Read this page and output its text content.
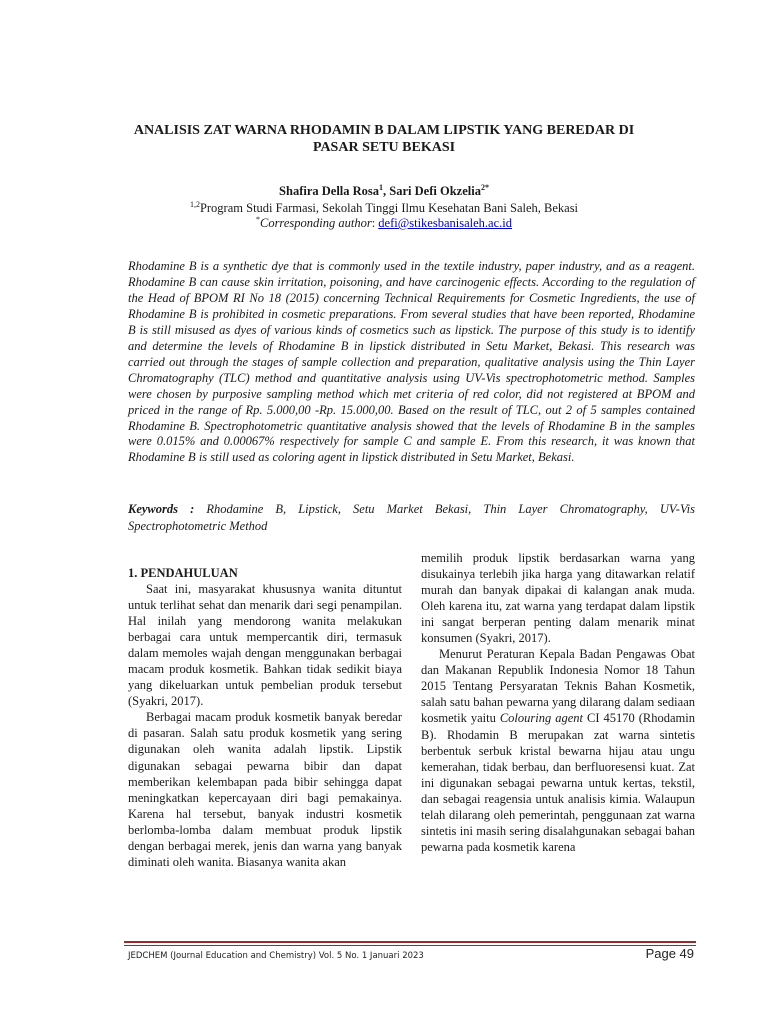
ANALISIS ZAT WARNA RHODAMIN B DALAM LIPSTIK YANG BEREDAR DI PASAR SETU BEKASI
Shafira Della Rosa$^1$, Sari Defi Okzelia$^{2*}$
$^{1,2}$Program Studi Farmasi, Sekolah Tinggi Ilmu Kesehatan Bani Saleh, Bekasi
*Corresponding author: defi@stikesbanisaleh.ac.id

Rhodamine B is a synthetic dye that is commonly used in the textile industry, paper industry, and as a reagent. Rhodamine B can cause skin irritation, poisoning, and have carcinogenic effects. According to the regulation of the Head of BPOM RI No 18 (2015) concerning Technical Requirements for Cosmetic Ingredients, the use of Rhodamine B is prohibited in cosmetic preparations. From several studies that have been reported, Rhodamine B is still misused as dyes of various kinds of cosmetics such as lipstick. The purpose of this study is to identify and determine the levels of Rhodamine B in lipstick distributed in Setu Market, Bekasi. This research was carried out through the stages of sample collection and preparation, qualitative analysis using the Thin Layer Chromatography (TLC) method and quantitative analysis using UV-Vis spectrophotometric method. Samples were chosen by purposive sampling method which met criteria of red color, did not registered at BPOM and priced in the range of Rp. 5.000,00 -Rp. 15.000,00. Based on the result of TLC, out 2 of 5 samples contained Rhodamine B. Spectrophotometric quantitative analysis showed that the levels of Rhodamine B in the samples were 0.015% and 0.00067% respectively for sample C and sample E. From this research, it was known that Rhodamine B is still used as coloring agent in lipstick distributed in Setu Market, Bekasi.

Keywords : Rhodamine B, Lipstick, Setu Market Bekasi, Thin Layer Chromatography, UV-Vis Spectrophotometric Method

1. PENDAHULUAN

Saat ini, masyarakat khususnya wanita dituntut untuk terlihat sehat dan menarik dari segi penampilan. Hal inilah yang mendorong wanita melakukan berbagai cara untuk mempercantik diri, termasuk dalam memoles wajah dengan menggunakan berbagai macam produk kosmetik. Bahkan tidak sedikit biaya yang dikeluarkan untuk pembelian produk tersebut (Syakri, 2017).

Berbagai macam produk kosmetik banyak beredar di pasaran. Salah satu produk kosmetik yang sering digunakan oleh wanita adalah lipstik. Lipstik digunakan sebagai pewarna bibir dan dapat memberikan kelembapan pada bibir sehingga dapat meningkatkan kepercayaan diri bagi pemakainya. Karena hal tersebut, banyak industri kosmetik berlomba-lomba dalam membuat produk lipstik dengan berbagai merek, jenis dan warna yang banyak diminati oleh wanita. Biasanya wanita akan

memilih produk lipstik berdasarkan warna yang disukainya terlebih jika harga yang ditawarkan relatif murah dan banyak dipakai di kalangan anak muda. Oleh karena itu, zat warna yang terdapat dalam lipstik ini sangat berperan penting dalam menarik minat konsumen (Syakri, 2017).

Menurut Peraturan Kepala Badan Pengawas Obat dan Makanan Republik Indonesia Nomor 18 Tahun 2015 Tentang Persyaratan Teknis Bahan Kosmetik, salah satu bahan pewarna yang dilarang dalam sediaan kosmetik yaitu Colouring agent CI 45170 (Rhodamin B). Rhodamin B merupakan zat warna sintetis berbentuk serbuk kristal bewarna hijau atau ungu kemerahan, tidak berbau, dan berfluoresensi kuat. Zat ini digunakan sebagai pewarna untuk kertas, tekstil, dan sebagai reagensia untuk analisis kimia. Walaupun telah dilarang oleh pemerintah, penggunaan zat warna sintetis ini masih sering disalahgunakan sebagai bahan pewarna pada kosmetik karena

JEDCHEM (Journal Education and Chemistry) Vol. 5 No. 1 Januari 2023	Page 49
